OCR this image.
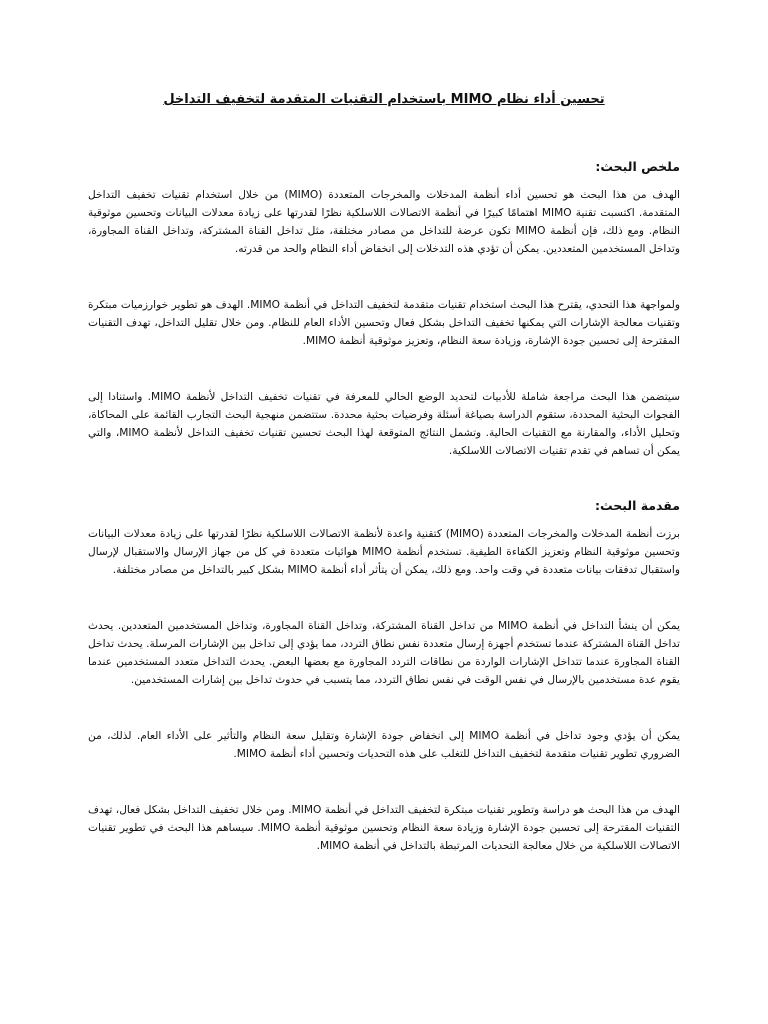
تحسين أداء نظام MIMO باستخدام التقنيات المتقدمة لتخفيف التداخل
ملخص البحث:

الهدف من هذا البحث هو تحسين أداء أنظمة المدخلات والمخرجات المتعددة (MIMO) من خلال استخدام تقنيات تخفيف التداخل المتقدمة. اكتسبت تقنية MIMO اهتمامًا كبيرًا في أنظمة الاتصالات اللاسلكية نظرًا لقدرتها على زيادة معدلات البيانات وتحسين موثوقية النظام. ومع ذلك، فإن أنظمة MIMO تكون عرضة للتداخل من مصادر مختلفة، مثل تداخل القناة المشتركة، وتداخل القناة المجاورة، وتداخل المستخدمين المتعددين. يمكن أن تؤدي هذه التدخلات إلى انخفاض أداء النظام والحد من قدرته.

ولمواجهة هذا التحدي، يقترح هذا البحث استخدام تقنيات متقدمة لتخفيف التداخل في أنظمة MIMO. الهدف هو تطوير خوارزميات مبتكرة وتقنيات معالجة الإشارات التي يمكنها تخفيف التداخل بشكل فعال وتحسين الأداء العام للنظام. ومن خلال تقليل التداخل، تهدف التقنيات المقترحة إلى تحسين جودة الإشارة، وزيادة سعة النظام، وتعزيز موثوقية أنظمة MIMO.

سيتضمن هذا البحث مراجعة شاملة للأدبيات لتحديد الوضع الحالي للمعرفة في تقنيات تخفيف التداخل لأنظمة MIMO. واستنادا إلى الفجوات البحثية المحددة، ستقوم الدراسة بصياغة أسئلة وفرضيات بحثية محددة. ستتضمن منهجية البحث التجارب القائمة على المحاكاة، وتحليل الأداء، والمقارنة مع التقنيات الحالية. وتشمل النتائج المتوقعة لهذا البحث تحسين تقنيات تخفيف التداخل لأنظمة MIMO، والتي يمكن أن تساهم في تقدم تقنيات الاتصالات اللاسلكية.

مقدمة البحث:

برزت أنظمة المدخلات والمخرجات المتعددة (MIMO) كتقنية واعدة لأنظمة الاتصالات اللاسلكية نظرًا لقدرتها على زيادة معدلات البيانات وتحسين موثوقية النظام وتعزيز الكفاءة الطيفية. تستخدم أنظمة MIMO هوائيات متعددة في كل من جهاز الإرسال والاستقبال لإرسال واستقبال تدفقات بيانات متعددة في وقت واحد. ومع ذلك، يمكن أن يتأثر أداء أنظمة MIMO بشكل كبير بالتداخل من مصادر مختلفة.

يمكن أن ينشأ التداخل في أنظمة MIMO من تداخل القناة المشتركة، وتداخل القناة المجاورة، وتداخل المستخدمين المتعددين. يحدث تداخل القناة المشتركة عندما تستخدم أجهزة إرسال متعددة نفس نطاق التردد، مما يؤدي إلى تداخل بين الإشارات المرسلة. يحدث تداخل القناة المجاورة عندما تتداخل الإشارات الواردة من نطاقات التردد المجاورة مع بعضها البعض. يحدث التداخل متعدد المستخدمين عندما يقوم عدة مستخدمين بالإرسال في نفس الوقت في نفس نطاق التردد، مما يتسبب في حدوث تداخل بين إشارات المستخدمين.

يمكن أن يؤدي وجود تداخل في أنظمة MIMO إلى انخفاض جودة الإشارة وتقليل سعة النظام والتأثير على الأداء العام. لذلك، من الضروري تطوير تقنيات متقدمة لتخفيف التداخل للتغلب على هذه التحديات وتحسين أداء أنظمة MIMO.

الهدف من هذا البحث هو دراسة وتطوير تقنيات مبتكرة لتخفيف التداخل في أنظمة MIMO. ومن خلال تخفيف التداخل بشكل فعال، تهدف التقنيات المقترحة إلى تحسين جودة الإشارة وزيادة سعة النظام وتحسين موثوقية أنظمة MIMO. سيساهم هذا البحث في تطوير تقنيات الاتصالات اللاسلكية من خلال معالجة التحديات المرتبطة بالتداخل في أنظمة MIMO.
